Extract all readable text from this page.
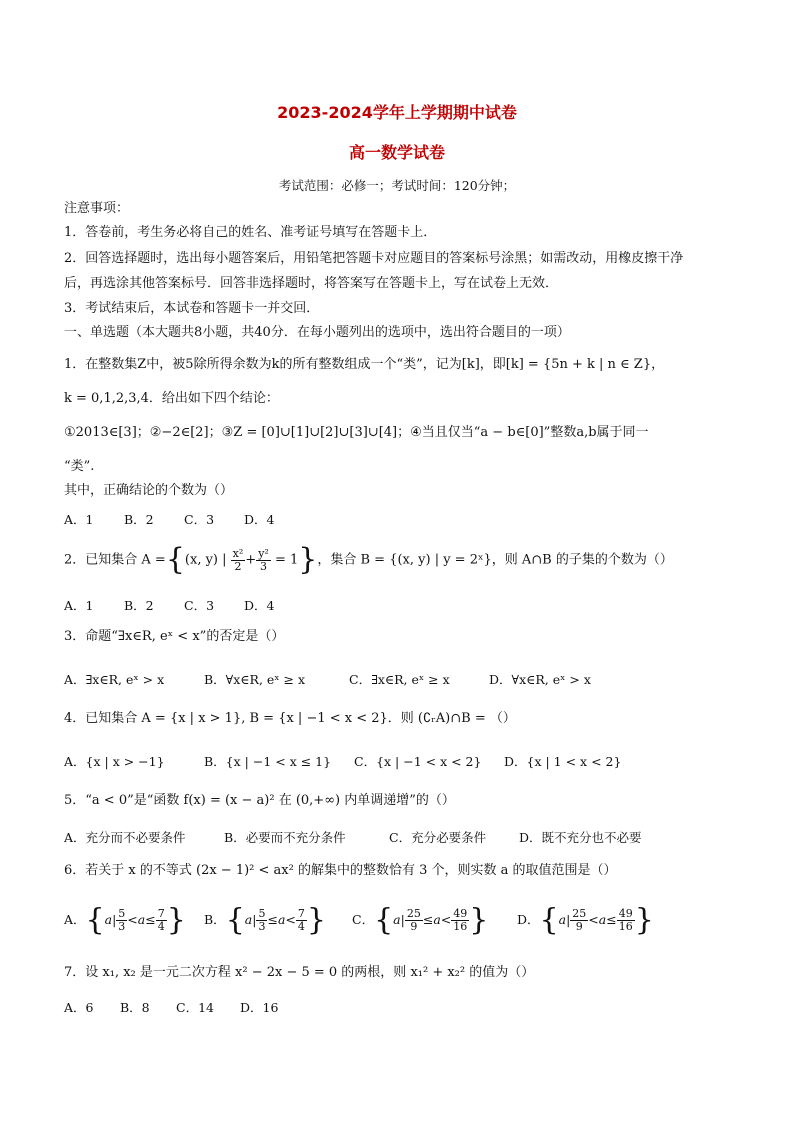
2023-2024学年上学期期中试卷
高一数学试卷
考试范围：必修一；考试时间：120分钟；
注意事项：
1．答卷前，考生务必将自己的姓名、准考证号填写在答题卡上．
2．回答选择题时，选出每小题答案后，用铅笔把答题卡对应题目的答案标号涂黑；如需改动，用橡皮擦干净
后，再选涂其他答案标号．回答非选择题时，将答案写在答题卡上，写在试卷上无效．
3．考试结束后，本试卷和答题卡一并交回．
一、单选题（本大题共8小题，共40分．在每小题列出的选项中，选出符合题目的一项）
1．在整数集Z中，被5除所得余数为k的所有整数组成一个“类”，记为[k]，即[k] = {5n + k | n ∈ Z}，
k = 0,1,2,3,4．给出如下四个结论：
①2013∈[3]；②−2∈[2]；③Z = [0]∪[1]∪[2]∪[3]∪[4]；④当且仅当“a − b∈[0]”整数a,b属于同一
“类”.
其中，正确结论的个数为（）
A．1 B．2 C．3 D．4
2．已知集合 A ={(x, y) | $\frac{\text{x²}}{2} + \frac{\text{y²}}{3} = 1$}，集合 B = {(x, y) | y = 2ˣ}，则 A∩B 的子集的个数为（）
A．1 B．2 C．3 D．4
3．命题“∃x∈R, eˣ < x”的否定是（）
A．∃x∈R, eˣ > x	B．∀x∈R, eˣ ≥ x	C．∃x∈R, eˣ ≥ x	D．∀x∈R, eˣ > x
4．已知集合 A = {x | x > 1}, B = {x | −1 < x < 2}．则 (∁ᵣA)∩B = （）
A．{x | x > −1}	B．{x | −1 < x ≤ 1} C．{x | −1 < x < 2} D．{x | 1 < x < 2}
5．“a < 0”是“函数 f(x) = (x − a)² 在 (0,+∞) 内单调递增”的（）
A．充分而不必要条件	B．必要而不充分条件	C．充分必要条件	D．既不充分也不必要
6．若关于 x 的不等式 (2x − 1)² < ax² 的解集中的整数恰有 3 个，则实数 a 的取值范围是（）
A．{$a| \frac{5}{3} <a\le \frac{7}{4}$ } B．{$a| \frac{5}{3} \le a< \frac{7}{4}$ } C．{$a| \frac{25}{9} \le a< \frac{49}{16}$ } D．{$a| \frac{25}{9} <a\le \frac{49}{16}$ }
7．设 x₁, x₂ 是一元二次方程 x² − 2x − 5 = 0 的两根，则 x₁² + x₂² 的值为（）
A．6 B．8 C．14 D．16
